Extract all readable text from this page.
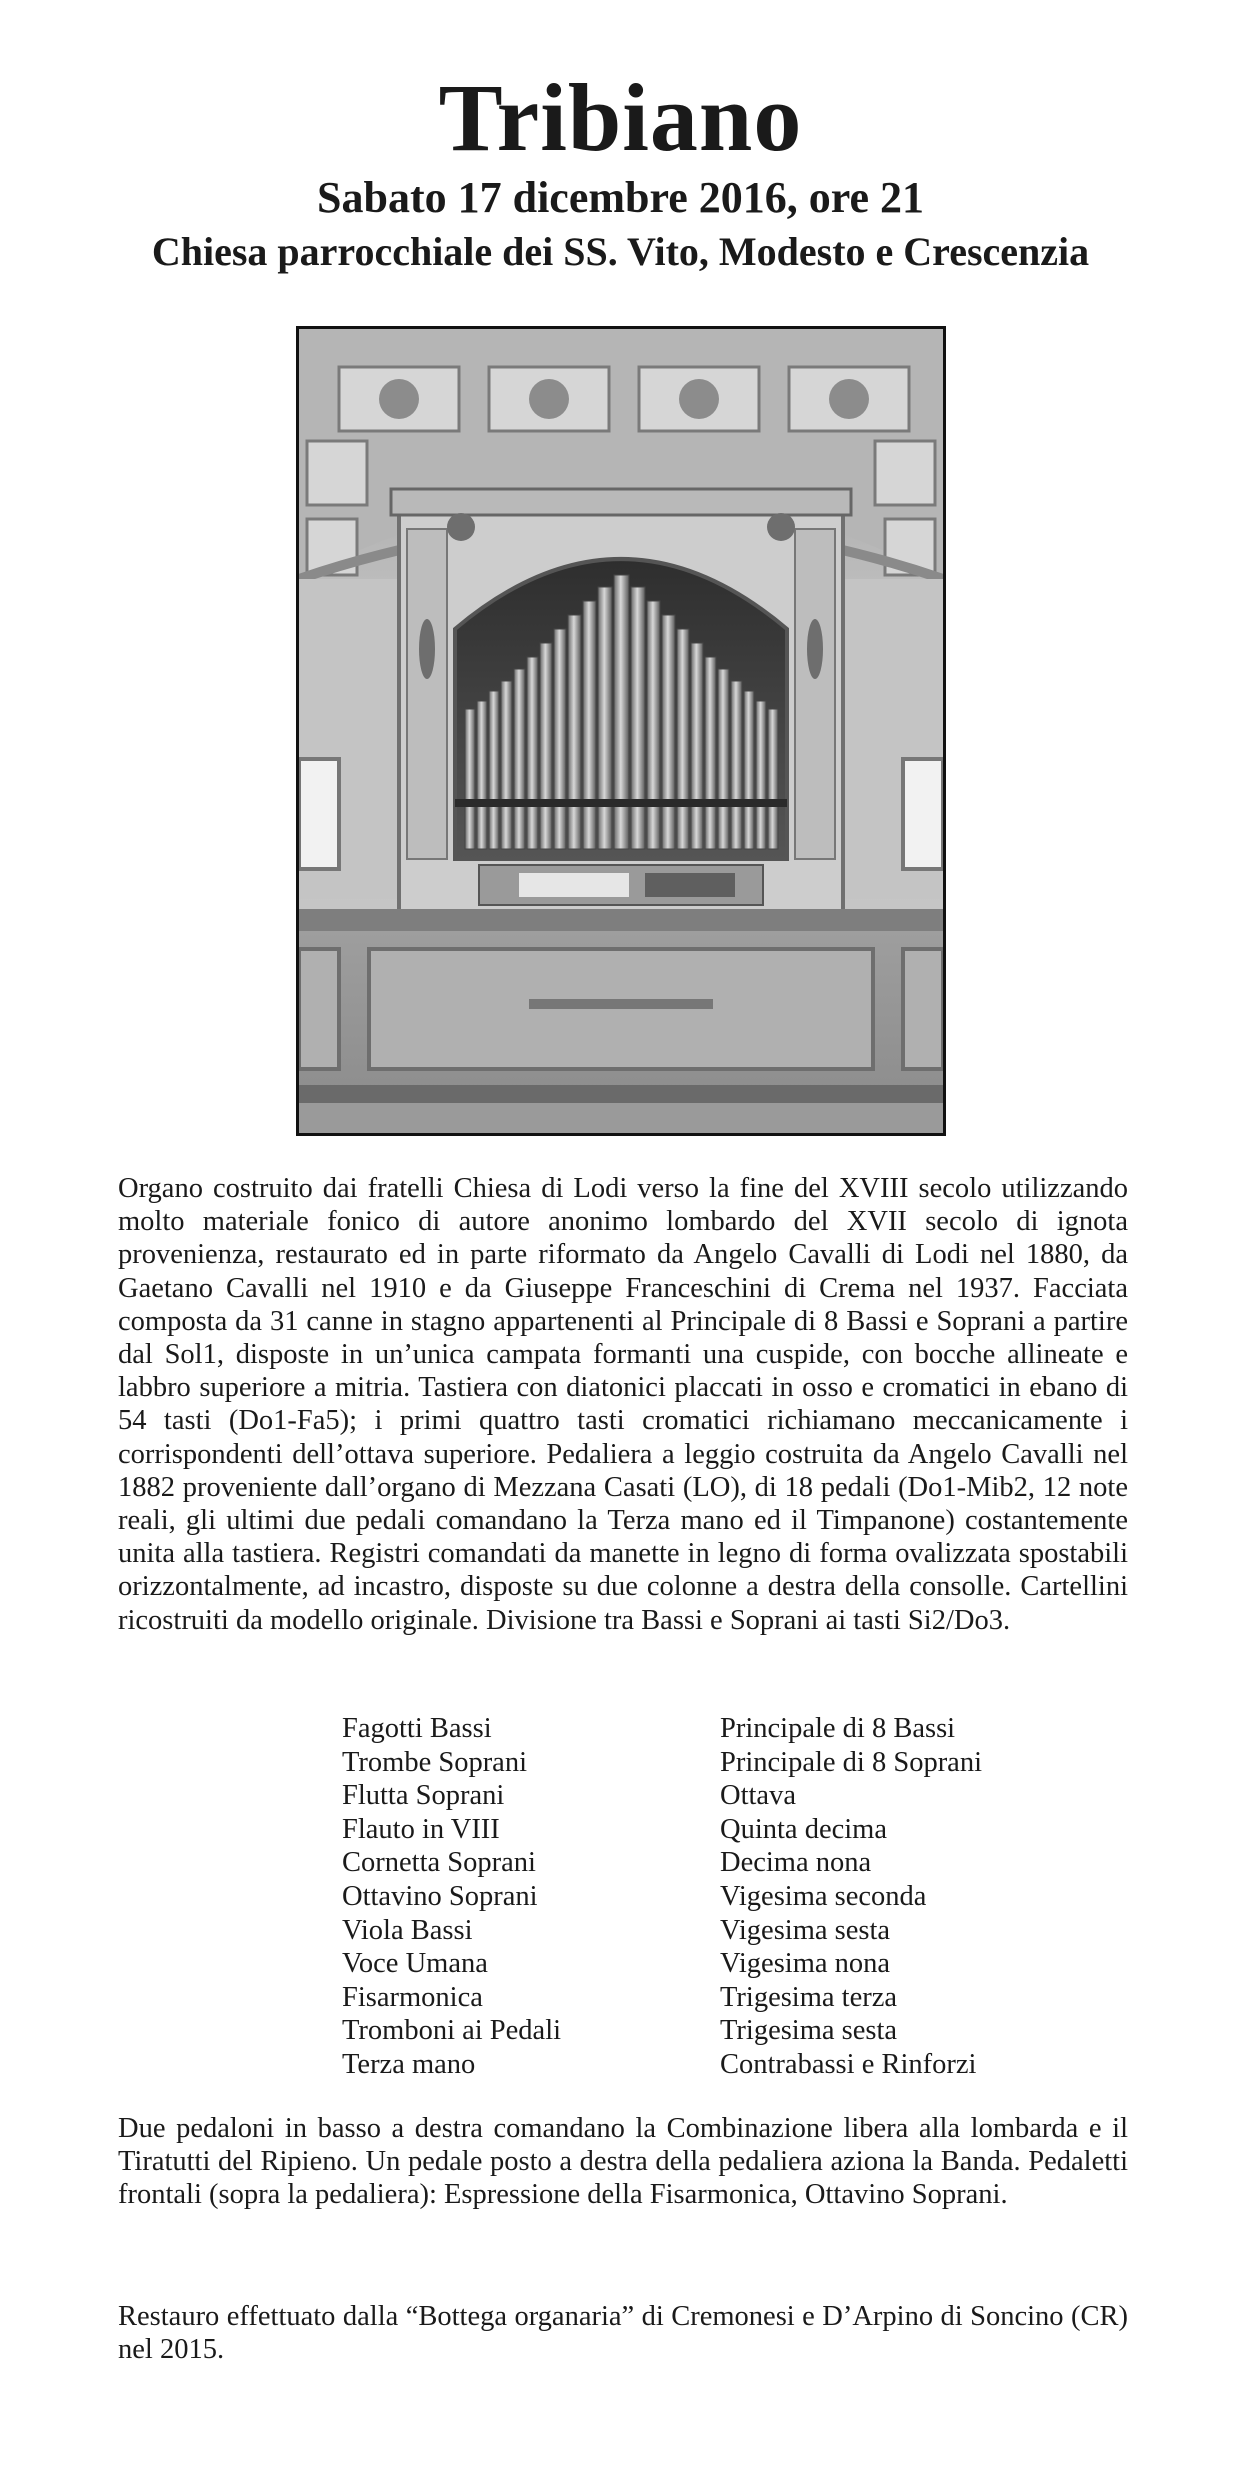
Tribiano
Sabato 17 dicembre 2016, ore 21
Chiesa parrocchiale dei SS. Vito, Modesto e Crescenzia
Organo costruito dai fratelli Chiesa di Lodi verso la fine del XVIII secolo utilizzando molto materiale fonico di autore anonimo lombardo del XVII secolo di ignota provenienza, restaurato ed in parte riformato da Angelo Cavalli di Lodi nel 1880, da Gaetano Cavalli nel 1910 e da Giuseppe Franceschini di Crema nel 1937. Facciata composta da 31 canne in stagno appartenenti al Principale di 8 Bassi e Soprani a partire dal Sol1, disposte in un’unica campata formanti una cuspide, con bocche allineate e labbro superiore a mitria. Tastiera con diatonici placcati in osso e cromatici in ebano di 54 tasti (Do1-Fa5); i primi quattro tasti cromatici richiamano meccanicamente i corrispondenti dell’ottava superiore. Pedaliera a leggio costruita da Angelo Cavalli nel 1882 proveniente dall’organo di Mezzana Casati (LO), di 18 pedali (Do1-Mib2, 12 note reali, gli ultimi due pedali comandano la Terza mano ed il Timpanone) costantemente unita alla tastiera. Registri comandati da manette in legno di forma ovalizzata spostabili orizzontalmente, ad incastro, disposte su due colonne a destra della consolle. Cartellini ricostruiti da modello originale. Divisione tra Bassi e Soprani ai tasti Si2/Do3.
Fagotti Bassi
Trombe Soprani
Flutta Soprani
Flauto in VIII
Cornetta Soprani
Ottavino Soprani
Viola Bassi
Voce Umana
Fisarmonica
Tromboni ai Pedali
Terza mano
Principale di 8 Bassi
Principale di 8 Soprani
Ottava
Quinta decima
Decima nona
Vigesima seconda
Vigesima sesta
Vigesima nona
Trigesima terza
Trigesima sesta
Contrabassi e Rinforzi
Due pedaloni in basso a destra comandano la Combinazione libera alla lombarda e il Tiratutti del Ripieno. Un pedale posto a destra della pedaliera aziona la Banda. Pedaletti frontali (sopra la pedaliera): Espressione della Fisarmonica, Ottavino Soprani.
Restauro effettuato dalla “Bottega organaria” di Cremonesi e D’Arpino di Soncino (CR) nel 2015.
